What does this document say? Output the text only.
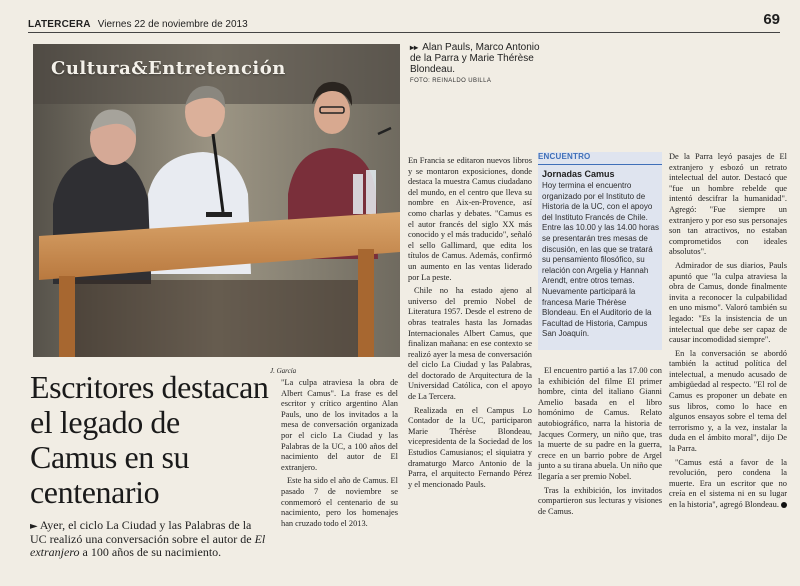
LATERCERA Viernes 22 de noviembre de 2013	69
Cultura&Entretención
▸▸ Alan Pauls, Marco Antonio de la Parra y Marie Thérèse Blondeau.
FOTO: REINALDO UBILLA
Escritores destacan el legado de Camus en su centenario
► Ayer, el ciclo La Ciudad y las Palabras de la UC realizó una conversación sobre el autor de El extranjero a 100 años de su nacimiento.
J. García

"La culpa atraviesa la obra de Albert Camus". La frase es del escritor y crítico argentino Alan Pauls, uno de los invitados a la mesa de conversación organizada por el ciclo La Ciudad y las Palabras de la UC, a 100 años del nacimiento del autor de El extranjero.

Este ha sido el año de Camus. El pasado 7 de noviembre se conmemoró el centenario de su nacimiento, pero los homenajes han cruzado todo el 2013.

En Francia se editaron nuevos libros y se montaron exposiciones, donde destaca la muestra Camus ciudadano del mundo, en el centro que lleva su nombre en Aix-en-Provence, así como charlas y debates. "Camus es el autor francés del siglo XX más conocido y el más traducido", señaló el sello Gallimard, que edita los títulos de Camus. Además, confirmó un aumento en las ventas liderado por La peste.

Chile no ha estado ajeno al universo del premio Nobel de Literatura 1957. Desde el estreno de obras teatrales hasta las Jornadas Internacionales Albert Camus, que finalizan mañana: en ese contexto se realizó ayer la mesa de conversación del ciclo La Ciudad y las Palabras, del doctorado de Arquitectura de la Universidad Católica, con el apoyo de La Tercera.

Realizada en el Campus Lo Contador de la UC, participaron Marie Thérèse Blondeau, vicepresidenta de la Sociedad de los Estudios Camusianos; el siquiatra y dramaturgo Marco Antonio de la Parra, el arquitecto Fernando Pérez y el mencionado Pauls.

ENCUENTRO
Jornadas Camus
Hoy termina el encuentro organizado por el Instituto de Historia de la UC, con el apoyo del Instituto Francés de Chile. Entre las 10.00 y las 14.00 horas se presentarán tres mesas de discusión, en las que se tratará su pensamiento filosófico, su relación con Argelia y Hannah Arendt, entre otros temas. Nuevamente participará la francesa Marie Thérèse Blondeau. En el Auditorio de la Facultad de Historia, Campus San Joaquín.

El encuentro partió a las 17.00 con la exhibición del filme El primer hombre, cinta del italiano Gianni Amelio basada en el libro homónimo de Camus. Relato autobiográfico, narra la historia de Jacques Cormery, un niño que, tras la muerte de su padre en la guerra, crece en un barrio pobre de Argel junto a su tirana abuela. Un niño que llegaría a ser premio Nobel.

Tras la exhibición, los invitados compartieron sus lecturas y visiones de Camus.

De la Parra leyó pasajes de El extranjero y esbozó un retrato intelectual del autor. Destacó que "fue un hombre rebelde que intentó descifrar la humanidad". Agregó: "Fue siempre un extranjero y por eso sus personajes son tan atractivos, no estaban comprometidos con ideales absolutos".

Admirador de sus diarios, Pauls apuntó que "la culpa atraviesa la obra de Camus, donde finalmente invita a reconocer la culpabilidad en uno mismo". Valoró también su legado: "Es la insistencia de un intelectual que debe ser capaz de causar incomodidad siempre".

En la conversación se abordó también la actitud política del intelectual, a menudo acusado de ambigüedad al respecto. "El rol de Camus es proponer un debate en sus libros, como lo hace en algunos ensayos sobre el tema del terrorismo y, a la vez, instalar la duda en el ámbito moral", dijo De la Parra.

"Camus está a favor de la revolución, pero condena la muerte. Era un escritor que no creía en el sistema ni en su lugar en la historia", agregó Blondeau.
